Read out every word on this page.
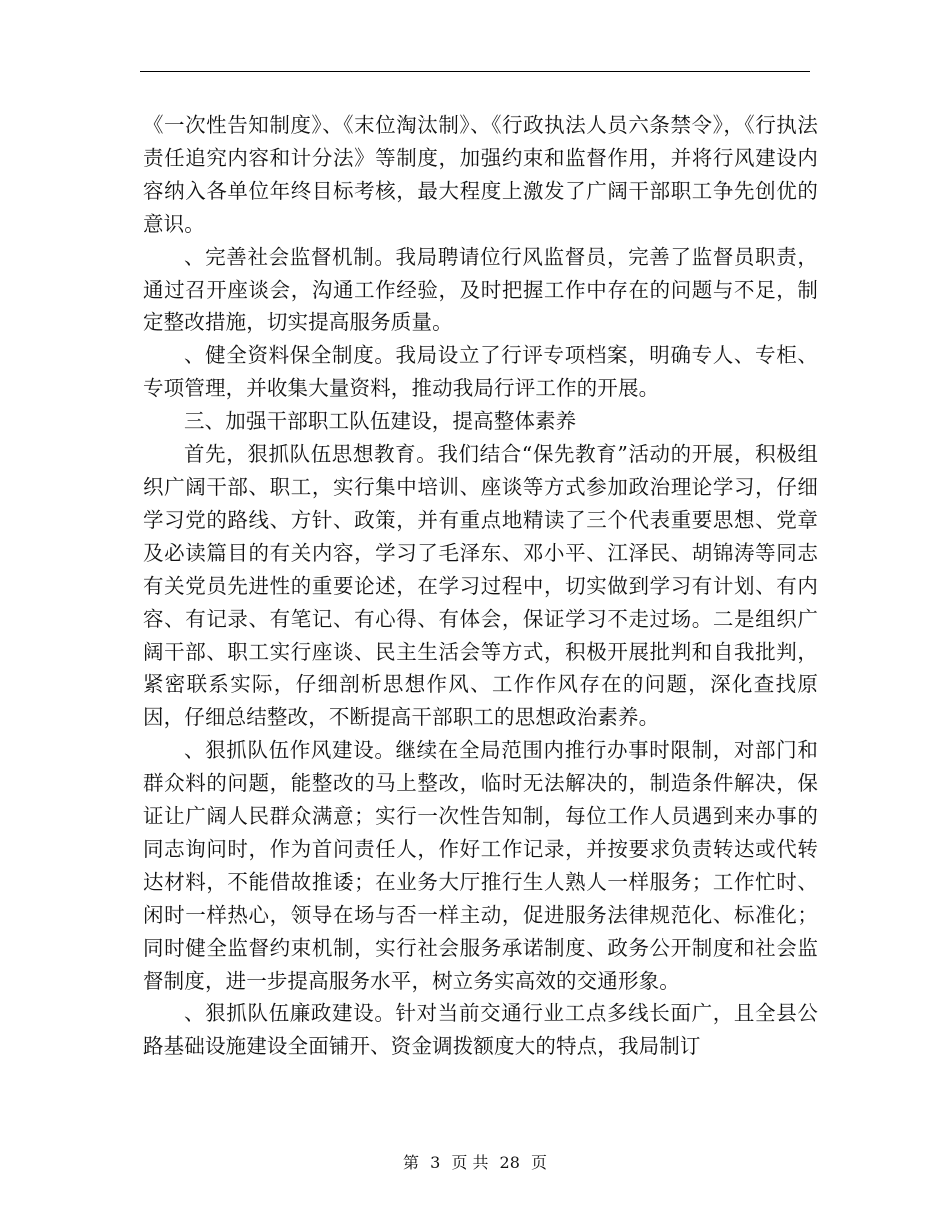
《一次性告知制度》、《末位淘汰制》、《行政执法人员六条禁令》，《行执法责任追究内容和计分法》等制度，加强约束和监督作用，并将行风建设内容纳入各单位年终目标考核，最大程度上激发了广阔干部职工争先创优的意识。

、完善社会监督机制。我局聘请位行风监督员，完善了监督员职责，通过召开座谈会，沟通工作经验，及时把握工作中存在的问题与不足，制定整改措施，切实提高服务质量。

、健全资料保全制度。我局设立了行评专项档案，明确专人、专柜、专项管理，并收集大量资料，推动我局行评工作的开展。

三、加强干部职工队伍建设，提高整体素养

首先，狠抓队伍思想教育。我们结合“保先教育”活动的开展，积极组织广阔干部、职工，实行集中培训、座谈等方式参加政治理论学习，仔细学习党的路线、方针、政策，并有重点地精读了三个代表重要思想、党章及必读篇目的有关内容，学习了毛泽东、邓小平、江泽民、胡锦涛等同志有关党员先进性的重要论述，在学习过程中，切实做到学习有计划、有内容、有记录、有笔记、有心得、有体会，保证学习不走过场。二是组织广阔干部、职工实行座谈、民主生活会等方式，积极开展批判和自我批判，紧密联系实际，仔细剖析思想作风、工作作风存在的问题，深化查找原因，仔细总结整改，不断提高干部职工的思想政治素养。

、狠抓队伍作风建设。继续在全局范围内推行办事时限制，对部门和群众料的问题，能整改的马上整改，临时无法解决的，制造条件解决，保证让广阔人民群众满意；实行一次性告知制，每位工作人员遇到来办事的同志询问时，作为首问责任人，作好工作记录，并按要求负责转达或代转达材料，不能借故推诿；在业务大厅推行生人熟人一样服务；工作忙时、闲时一样热心，领导在场与否一样主动，促进服务法律规范化、标准化；同时健全监督约束机制，实行社会服务承诺制度、政务公开制度和社会监督制度，进一步提高服务水平，树立务实高效的交通形象。

、狠抓队伍廉政建设。针对当前交通行业工点多线长面广，且全县公路基础设施建设全面铺开、资金调拨额度大的特点，我局制订

第 3 页 共 28 页
